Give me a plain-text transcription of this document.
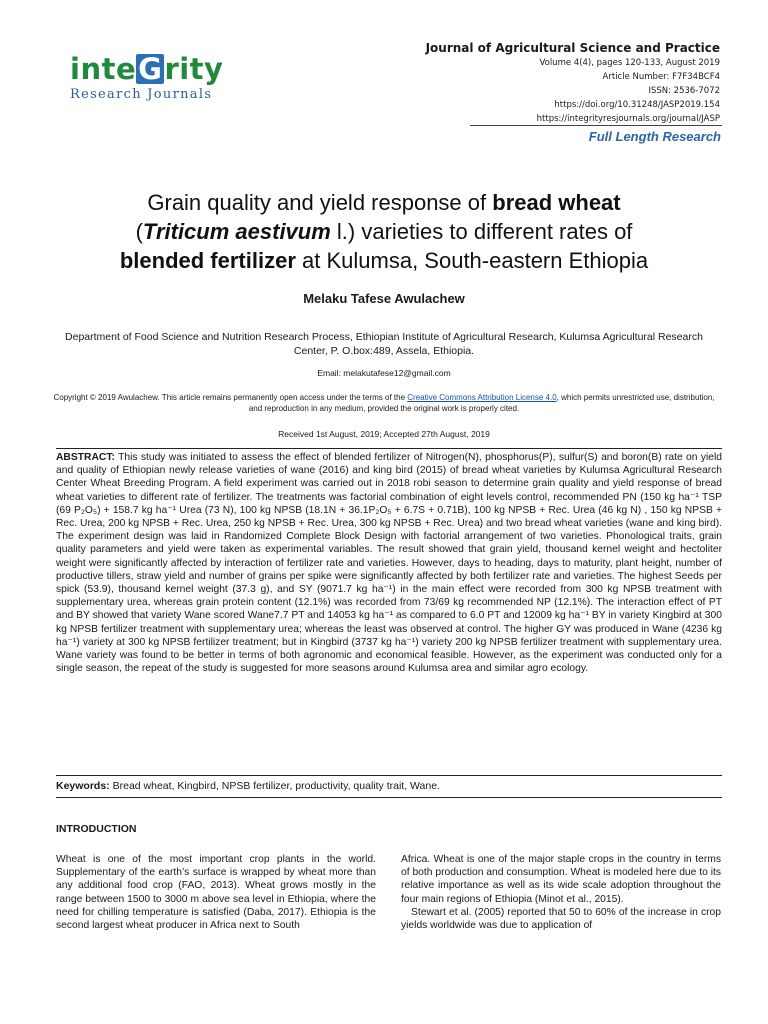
inteGrity
Research Journals
Journal of Agricultural Science and Practice
Volume 4(4), pages 120-133, August 2019
Article Number: F7F34BCF4
ISSN: 2536-7072
https://doi.org/10.31248/JASP2019.154
https://integrityresjournals.org/journal/JASP
Full Length Research
Grain quality and yield response of bread wheat
(Triticum aestivum l.) varieties to different rates of
blended fertilizer at Kulumsa, South-eastern Ethiopia
Melaku Tafese Awulachew
Department of Food Science and Nutrition Research Process, Ethiopian Institute of Agricultural Research, Kulumsa Agricultural Research Center, P. O.box:489, Assela, Ethiopia.
Email: melakutafese12@gmail.com
Copyright © 2019 Awulachew. This article remains permanently open access under the terms of the Creative Commons Attribution License 4.0, which permits unrestricted use, distribution, and reproduction in any medium, provided the original work is properly cited.
Received 1st August, 2019; Accepted 27th August, 2019
ABSTRACT: This study was initiated to assess the effect of blended fertilizer of Nitrogen(N), phosphorus(P), sulfur(S) and boron(B) rate on yield and quality of Ethiopian newly release varieties of wane (2016) and king bird (2015) of bread wheat varieties by Kulumsa Agricultural Research Center Wheat Breeding Program. A field experiment was carried out in 2018 robi season to determine grain quality and yield response of bread wheat varieties to different rate of fertilizer. The treatments was factorial combination of eight levels control, recommended PN (150 kg ha⁻¹ TSP (69 P₂O₅) + 158.7 kg ha⁻¹ Urea (73 N), 100 kg NPSB (18.1N + 36.1P₂O₅ + 6.7S + 0.71B), 100 kg NPSB + Rec. Urea (46 kg N) , 150 kg NPSB + Rec. Urea, 200 kg NPSB + Rec. Urea, 250 kg NPSB + Rec. Urea, 300 kg NPSB + Rec. Urea) and two bread wheat varieties (wane and king bird). The experiment design was laid in Randomized Complete Block Design with factorial arrangement of two varieties. Phonological traits, grain quality parameters and yield were taken as experimental variables. The result showed that grain yield, thousand kernel weight and hectoliter weight were significantly affected by interaction of fertilizer rate and varieties. However, days to heading, days to maturity, plant height, number of productive tillers, straw yield and number of grains per spike were significantly affected by both fertilizer rate and varieties. The highest Seeds per spick (53.9), thousand kernel weight (37.3 g), and SY (9071.7 kg ha⁻¹) in the main effect were recorded from 300 kg NPSB treatment with supplementary urea, whereas grain protein content (12.1%) was recorded from 73/69 kg recommended NP (12.1%). The interaction effect of PT and BY showed that variety Wane scored Wane7.7 PT and 14053 kg ha⁻¹ as compared to 6.0 PT and 12009 kg ha⁻¹ BY in variety Kingbird at 300 kg NPSB fertilizer treatment with supplementary urea; whereas the least was observed at control. The higher GY was produced in Wane (4236 kg ha⁻¹) variety at 300 kg NPSB fertilizer treatment; but in Kingbird (3737 kg ha⁻¹) variety 200 kg NPSB fertilizer treatment with supplementary urea. Wane variety was found to be better in terms of both agronomic and economical feasible. However, as the experiment was conducted only for a single season, the repeat of the study is suggested for more seasons around Kulumsa area and similar agro ecology.
Keywords: Bread wheat, Kingbird, NPSB fertilizer, productivity, quality trait, Wane.
INTRODUCTION

Wheat is one of the most important crop plants in the world. Supplementary of the earth’s surface is wrapped by wheat more than any additional food crop (FAO, 2013). Wheat grows mostly in the range between 1500 to 3000 m above sea level in Ethiopia, where the need for chilling temperature is satisfied (Daba, 2017). Ethiopia is the second largest wheat producer in Africa next to South

Africa. Wheat is one of the major staple crops in the country in terms of both production and consumption. Wheat is modeled here due to its relative importance as well as its wide scale adoption throughout the four main regions of Ethiopia (Minot et al., 2015).

Stewart et al. (2005) reported that 50 to 60% of the increase in crop yields worldwide was due to application of
